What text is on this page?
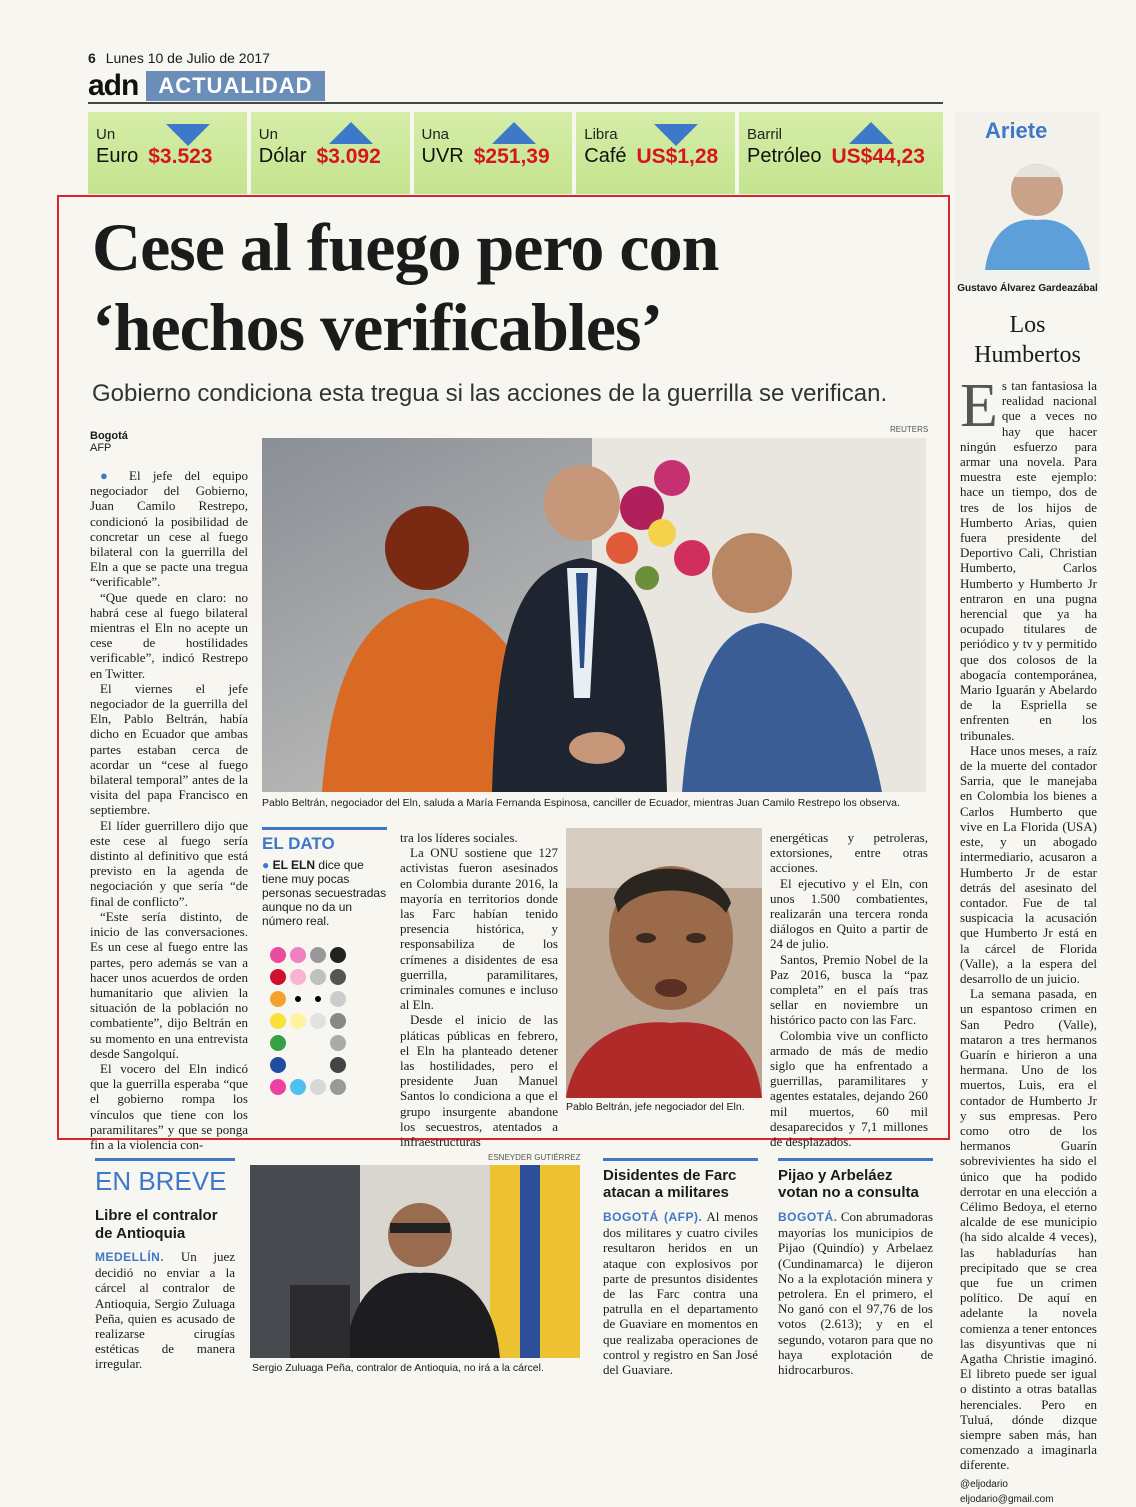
6 Lunes 10 de Julio de 2017
adn ACTUALIDAD
Un
Euro $3.523
Un
Dólar $3.092
Una
UVR $251,39
Libra
Café US$1,28
Barril
Petróleo US$44,23
Cese al fuego pero con ‘hechos verificables’
Gobierno condiciona esta tregua si las acciones de la guerrilla se verifican.
Bogotá
AFP
REUTERS

● El jefe del equipo negociador del Gobierno, Juan Camilo Restrepo, condicionó la posibilidad de concretar un cese al fuego bilateral con la guerrilla del Eln a que se pacte una tregua “verificable”.

“Que quede en claro: no habrá cese al fuego bilateral mientras el Eln no acepte un cese de hostilidades verificable”, indicó Restrepo en Twitter.

El viernes el jefe negociador de la guerrilla del Eln, Pablo Beltrán, había dicho en Ecuador que ambas partes estaban cerca de acordar un “cese al fuego bilateral temporal” antes de la visita del papa Francisco en septiembre.

El líder guerrillero dijo que este cese al fuego sería distinto al definitivo que está previsto en la agenda de negociación y que sería “de final de conflicto”.

“Este sería distinto, de inicio de las conversaciones. Es un cese al fuego entre las partes, pero además se van a hacer unos acuerdos de orden humanitario que alivien la situación de la población no combatiente”, dijo Beltrán en su momento en una entrevista desde Sangolquí.

El vocero del Eln indicó que la guerrilla esperaba “que el gobierno rompa los vínculos que tiene con los paramilitares” y que se ponga fin a la violencia con-

Pablo Beltrán, negociador del Eln, saluda a María Fernanda Espinosa, canciller de Ecuador, mientras Juan Camilo Restrepo los observa.
EL DATO
● EL ELN dice que tiene muy pocas personas secuestradas aunque no da un número real.

tra los líderes sociales.

La ONU sostiene que 127 activistas fueron asesinados en Colombia durante 2016, la mayoría en territorios donde las Farc habían tenido presencia histórica, y responsabiliza de los crímenes a disidentes de esa guerrilla, paramilitares, criminales comunes e incluso al Eln.

Desde el inicio de las pláticas públicas en febrero, el Eln ha planteado detener las hostilidades, pero el presidente Juan Manuel Santos lo condiciona a que el grupo insurgente abandone los secuestros, atentados a infraestructuras

Pablo Beltrán, jefe negociador del Eln.

energéticas y petroleras, extorsiones, entre otras acciones.

El ejecutivo y el Eln, con unos 1.500 combatientes, realizarán una tercera ronda diálogos en Quito a partir de 24 de julio.

Santos, Premio Nobel de la Paz 2016, busca la “paz completa” en el país tras sellar en noviembre un histórico pacto con las Farc.

Colombia vive un conflicto armado de más de medio siglo que ha enfrentado a guerrillas, paramilitares y agentes estatales, dejando 260 mil muertos, 60 mil desaparecidos y 7,1 millones de desplazados.

Ariete
Gustavo Álvarez Gardeazábal
Los Humbertos
E s tan fantasiosa la realidad nacional que a veces no hay que hacer ningún esfuerzo para armar una novela. Para muestra este ejemplo: hace un tiempo, dos de tres de los hijos de Humberto Arias, quien fuera presidente del Deportivo Cali, Christian Humberto, Carlos Humberto y Humberto Jr entraron en una pugna herencial que ya ha ocupado titulares de periódico y tv y permitido que dos colosos de la abogacía contemporánea, Mario Iguarán y Abelardo de la Espriella se enfrenten en los tribunales.

Hace unos meses, a raíz de la muerte del contador Sarria, que le manejaba en Colombia los bienes a Carlos Humberto que vive en La Florida (USA) este, y un abogado intermediario, acusaron a Humberto Jr de estar detrás del asesinato del contador. Fue de tal suspicacia la acusación que Humberto Jr está en la cárcel de Florida (Valle), a la espera del desarrollo de un juicio.

La semana pasada, en un espantoso crimen en San Pedro (Valle), mataron a tres hermanos Guarín e hirieron a una hermana. Uno de los muertos, Luis, era el contador de Humberto Jr y sus empresas. Pero como otro de los hermanos Guarín sobrevivientes ha sido el único que ha podido derrotar en una elección a Célimo Bedoya, el eterno alcalde de ese municipio (ha sido alcalde 4 veces), las habladurías han precipitado que se crea que fue un crimen político. De aquí en adelante la novela comienza a tener entonces las disyuntivas que ni Agatha Christie imaginó. El libreto puede ser igual o distinto a otras batallas herenciales. Pero en Tuluá, dónde dizque siempre saben más, han comenzado a imaginarla diferente.

@eljodario
eljodario@gmail.com
EN BREVE
Libre el contralor de Antioquia
MEDELLÍN. Un juez decidió no enviar a la cárcel al contralor de Antioquia, Sergio Zuluaga Peña, quien es acusado de realizarse cirugías estéticas de manera irregular.
ESNEYDER GUTIÉRREZ
Sergio Zuluaga Peña, contralor de Antioquia, no irá a la cárcel.
Disidentes de Farc atacan a militares
BOGOTÁ (AFP). Al menos dos militares y cuatro civiles resultaron heridos en un ataque con explosivos por parte de presuntos disidentes de las Farc contra una patrulla en el departamento de Guaviare en momentos en que realizaba operaciones de control y registro en San José del Guaviare.
Pijao y Arbeláez votan no a consulta
BOGOTÁ. Con abrumadoras mayorías los municipios de Pijao (Quindío) y Arbelaez (Cundinamarca) le dijeron No a la explotación minera y petrolera. En el primero, el No ganó con el 97,76 de los votos (2.613); y en el segundo, votaron para que no haya explotación de hidrocarburos.
